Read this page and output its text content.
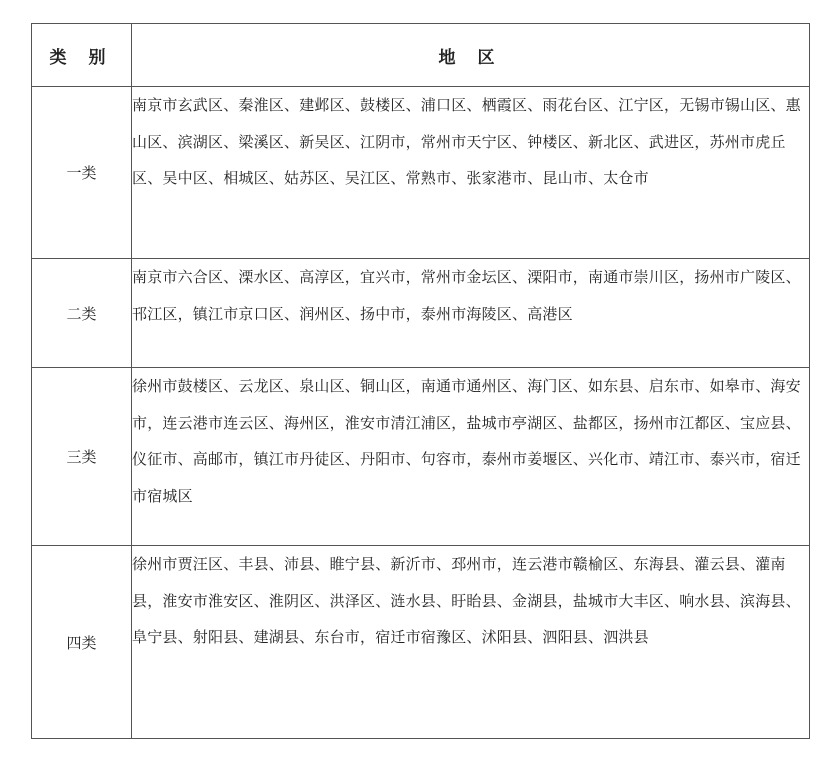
类 别	地 区
一类	南京市玄武区、秦淮区、建邺区、鼓楼区、浦口区、栖霞区、雨花台区、江宁区，无锡市锡山区、惠山区、滨湖区、梁溪区、新吴区、江阴市，常州市天宁区、钟楼区、新北区、武进区，苏州市虎丘区、吴中区、相城区、姑苏区、吴江区、常熟市、张家港市、昆山市、太仓市

二类	南京市六合区、溧水区、高淳区，宜兴市，常州市金坛区、溧阳市，南通市崇川区，扬州市广陵区、邗江区，镇江市京口区、润州区、扬中市，泰州市海陵区、高港区

三类	徐州市鼓楼区、云龙区、泉山区、铜山区，南通市通州区、海门区、如东县、启东市、如皋市、海安市，连云港市连云区、海州区，淮安市清江浦区，盐城市亭湖区、盐都区，扬州市江都区、宝应县、仪征市、高邮市，镇江市丹徒区、丹阳市、句容市，泰州市姜堰区、兴化市、靖江市、泰兴市，宿迁市宿城区

四类	徐州市贾汪区、丰县、沛县、睢宁县、新沂市、邳州市，连云港市赣榆区、东海县、灌云县、灌南县，淮安市淮安区、淮阴区、洪泽区、涟水县、盱眙县、金湖县，盐城市大丰区、响水县、滨海县、阜宁县、射阳县、建湖县、东台市，宿迁市宿豫区、沭阳县、泗阳县、泗洪县
